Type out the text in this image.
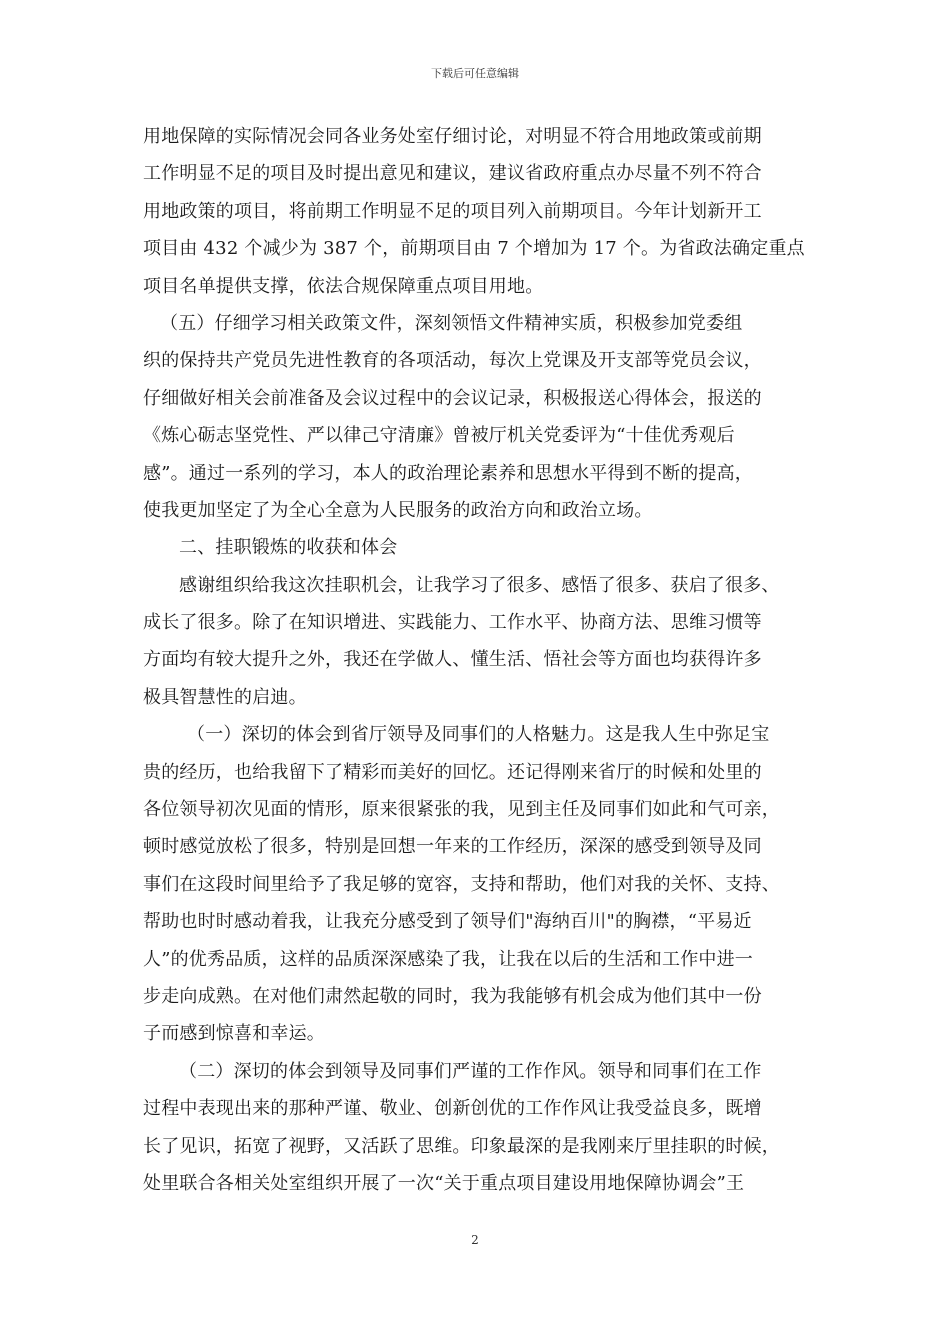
下载后可任意编辑
用地保障的实际情况会同各业务处室仔细讨论，对明显不符合用地政策或前期
工作明显不足的项目及时提出意见和建议，建议省政府重点办尽量不列不符合
用地政策的项目，将前期工作明显不足的项目列入前期项目。今年计划新开工
项目由 432 个减少为 387 个，前期项目由 7 个增加为 17 个。为省政法确定重点
项目名单提供支撑，依法合规保障重点项目用地。
（五）仔细学习相关政策文件，深刻领悟文件精神实质，积极参加党委组
织的保持共产党员先进性教育的各项活动，每次上党课及开支部等党员会议，
仔细做好相关会前准备及会议过程中的会议记录，积极报送心得体会，报送的
《炼心砺志坚党性、严以律己守清廉》曾被厅机关党委评为“十佳优秀观后
感”。通过一系列的学习，本人的政治理论素养和思想水平得到不断的提高，
使我更加坚定了为全心全意为人民服务的政治方向和政治立场。
二、挂职锻炼的收获和体会
感谢组织给我这次挂职机会，让我学习了很多、感悟了很多、获启了很多、
成长了很多。除了在知识增进、实践能力、工作水平、协商方法、思维习惯等
方面均有较大提升之外，我还在学做人、懂生活、悟社会等方面也均获得许多
极具智慧性的启迪。
（一）深切的体会到省厅领导及同事们的人格魅力。这是我人生中弥足宝
贵的经历，也给我留下了精彩而美好的回忆。还记得刚来省厅的时候和处里的
各位领导初次见面的情形，原来很紧张的我，见到主任及同事们如此和气可亲，
顿时感觉放松了很多，特别是回想一年来的工作经历，深深的感受到领导及同
事们在这段时间里给予了我足够的宽容，支持和帮助，他们对我的关怀、支持、
帮助也时时感动着我，让我充分感受到了领导们"海纳百川"的胸襟，“平易近
人”的优秀品质，这样的品质深深感染了我，让我在以后的生活和工作中进一
步走向成熟。在对他们肃然起敬的同时，我为我能够有机会成为他们其中一份
子而感到惊喜和幸运。
（二）深切的体会到领导及同事们严谨的工作作风。领导和同事们在工作
过程中表现出来的那种严谨、敬业、创新创优的工作作风让我受益良多，既增
长了见识，拓宽了视野，又活跃了思维。印象最深的是我刚来厅里挂职的时候，
处里联合各相关处室组织开展了一次“关于重点项目建设用地保障协调会”王
2
